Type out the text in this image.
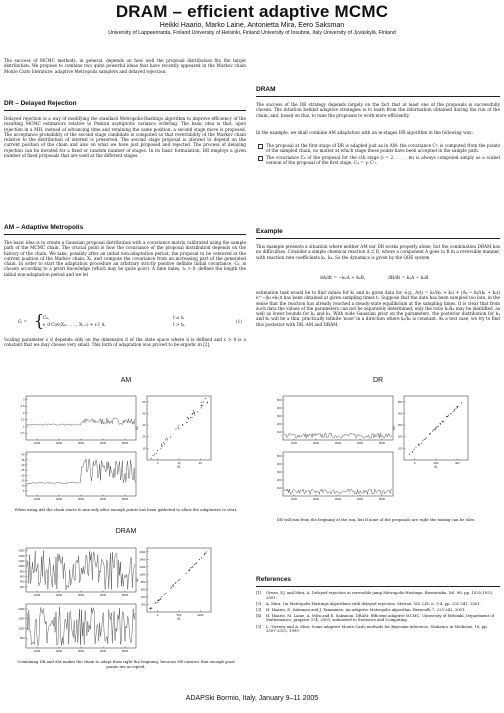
DRAM – efficient adaptive MCMC
Heikki Haario, Marko Laine, Antonietta Mira, Eero Saksman
University of Lappeenranta, Finland University of Helsinki, Finland University of Insubria, Italy University of Jyväskylä, Finland
The success of MCMC methods, in general, depends on how well the proposal distribution fits the target distribution. We propose to combine two quite powerful ideas that have recently appeared in the Markov chain Monte Carlo literature: adaptive Metropolis samplers and delayed rejection.
DR – Delayed Rejection
Delayed rejection is a way of modifying the standard Metropolis-Hastings algorithm to improve efficiency of the resulting MCMC estimators relative to Peskun asymptotic variance ordering. The basic idea is that, upon rejection in a MH, instead of advancing time and retaining the same position, a second stage move is proposed. The acceptance probability of the second stage candidate is computed so that reversibility of the Markov chain relative to the distribution of interest is preserved. The second stage proposal is allowed to depend on the current position of the chain and also on what we have just proposed and rejected. The process of delaying rejection can be iterated for a fixed or random number of stages. In its basic formulation, DR employs a given number of fixed proposals that are used at the different stages.
AM – Adaptive Metropolis
The basic idea is to create a Gaussian proposal distribution with a covariance matrix calibrated using the sample path of the MCMC chain. The crucial point is how the covariance of the proposal distribution depends on the history of the chain. We take, possibly after an initial non-adaptation period, the proposal to be centered at the current position of the Markov chain, Xₜ, and compute the covariance from an increasing part of the generated chain. In order to start the adaptation procedure an arbitrary strictly positive definite initial covariance, C₀, is chosen according to a priori knowledge (which may be quite poor). A time index, t₀ > 0, defines the length the initial non-adaptation period and we let
Cₜ = {
C₀,	t ≤ t₀
s_d Cov(X₀, . . . , Xₜ₋₁) + ε I_d,	t > t₀.
(1)
Scaling parameter s_d depends only on the dimension d of the state space where π is defined and ε > 0 is a constant that we may choose very small. This form of adaptation was proved to be ergodic in [2].
DRAM
The success of the DR strategy depends largely on the fact that at least one of the proposals is successfully chosen. The intuition behind adaptive strategies is to learn from the information obtained during the run of the chain, and, based on this, to tune the proposals to work more efficiently.
In the example, we shall combine AM adaptation with an m-stages DR algorithm in the following way:
The proposal at the first stage of DR is adapted just as in AM: the covariance C¹ₜ is computed from the points of the sampled chain, no matter at which stage these points have been accepted in the sample path.
The covariance Cᵢₜ of the proposal for the i:th stage (i = 2, . . . , m) is always computed simply as a scaled version of the proposal of the first stage, Cᵢₜ = γᵢ C¹ₜ.
Example
This example presents a situation where neither AM nor DR works properly alone, but the combination DRAM has no difficulties. Consider a simple chemical reaction A ⇄ B, where a component A goes to B in a reversible manner, with reaction rate coefficients k₁, k₂. So the dynamics is given by the ODE system
dA/dt = −k₁A + k₂B,	dB/dt = k₁A − k₂B
estimation task would be to find values for k₁ and k₂ given data for, e.g., A(t) = k₂/(k₁ + k₂) + (A₀ − k₂/(k₁ + k₂)) e^−(k₁+k₂)t has been obtained at given sampling times tᵢ. Suppose that the data has been sampled too late, in the sense that the reaction has already reached a steady-state equilibrium at the sampling times. It is clear that from such data the values of the parameters can not be separately determined; only the ratio k₁/k₂ may be identified, as well as lower bounds for k₁ and k₂. With wide Gaussian prior on the parameters, the posterior distribution for k₁ and k₂ will be a thin, practically infinite 'nose' in a direction where k₁/k₂ is constant. As a test case, we try to find this posterior with DR, AM and DRAM.
AM	DR
When using AM the chain starts to mix only after enough points has been gathered to allow the adaptation to start.
DR will mix from the begining of the run, but if none of the proposals are right the mixing can be slow.
DRAM
Combining DR and AM makes the chain to adapt from right the begining, because DR ensures that enough good points are accepted.
0.5
1
1.5
2
2.5
3
1000	2000	3000	4000	5000
10
20
30
40
50
0	20	40
k2
k1
5
10
15
20
25
30
35
40
1000	2000	3000	4000	5000
100
200
300
400
500
1000	2000	3000	4000	5000
100
200
300
400
500
0	200	400
k2
k1
100
200
300
400
500
1000	2000	3000	4000	5000
200
400
600
800
1000
1200
1400
1600
1000	2000	3000	4000	5000
200
400
600
800
1000
1200
1400
1600
0	500	1000
k2
k1
500
1000
1500
2000
1000	2000	3000	4000	5000
References
[1]	Green, P.J. and Mira, A. Delayed rejection in reversible jump Metropolis-Hastings. Biometrika, Vol. 88, pp. 1035-1053, 2001.
[2]	A. Mira. On Metropolis-Hastings algorithms with delayed rejection. Metron, Vol. LIX, n. 3-4, pp. 231-241, 2001.
[3]	H. Haario, E. Saksman and J. Tamminen. An adaptive Metropolis algorithm. Bernoulli 7, 223-242, 2001.
[4]	H. Haario, M. Laine, A. Mira and E. Saksman. DRAM: Efficient adaptive MCMC. University of Helsinki, Department of Mathematics, preprint 374, 2003, submitted to Statistics and Computing.
[5]	L. Tierney and A. Mira. Some adaptive Monte Carlo methods for Bayesian inference. Statistics in Medicine, 18, pp. 2507-2515, 1999.
ADAPSki Bormio, Italy, January 9–11 2005
